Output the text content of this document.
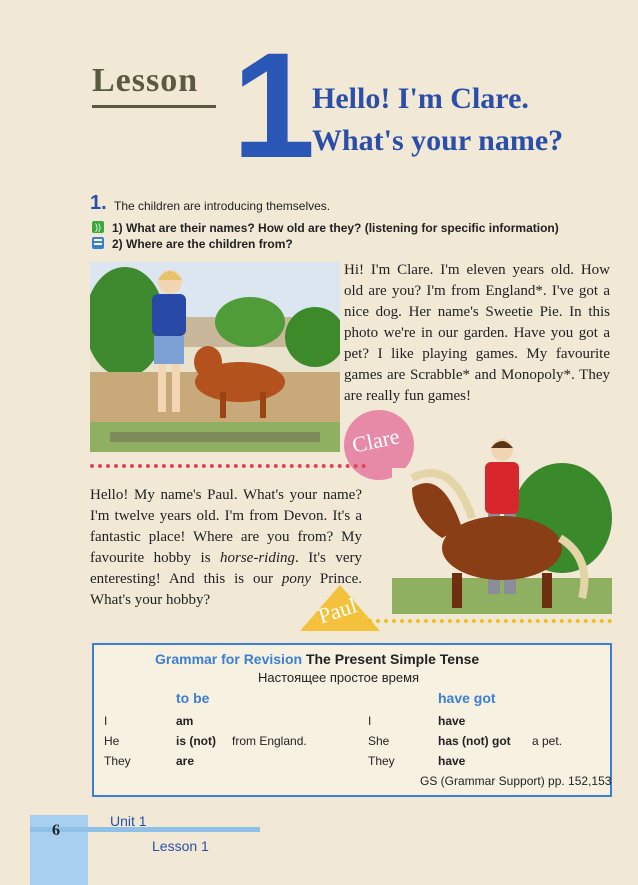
Lesson 1
Hello! I'm Clare.
What's your name?
1. The children are introducing themselves.
)) 1) What are their names? How old are they? (listening for specific information)
2) Where are the children from?
Hi! I'm Clare. I'm eleven years old. How old are you? I'm from England*. I've got a nice dog. Her name's Sweetie Pie. In this photo we're in our garden. Have you got a pet? I like playing games. My favourite games are Scrabble* and Monopoly*. They are really fun games!
Clare
Hello! My name's Paul. What's your name? I'm twelve years old. I'm from Devon. It's a fantastic place! Where are you from? My favourite hobby is horse-riding. It's very enteresting! And this is our pony Prince. What's your hobby?	Paul
Grammar for Revision The Present Simple Tense
Настоящее простое время
to be
I	am
He	is (not) from England.
They	are
have got
I	have
She	has (not) got a pet.
They	have
GS (Grammar Support) pp. 152,153
6
Unit 1
Lesson 1
